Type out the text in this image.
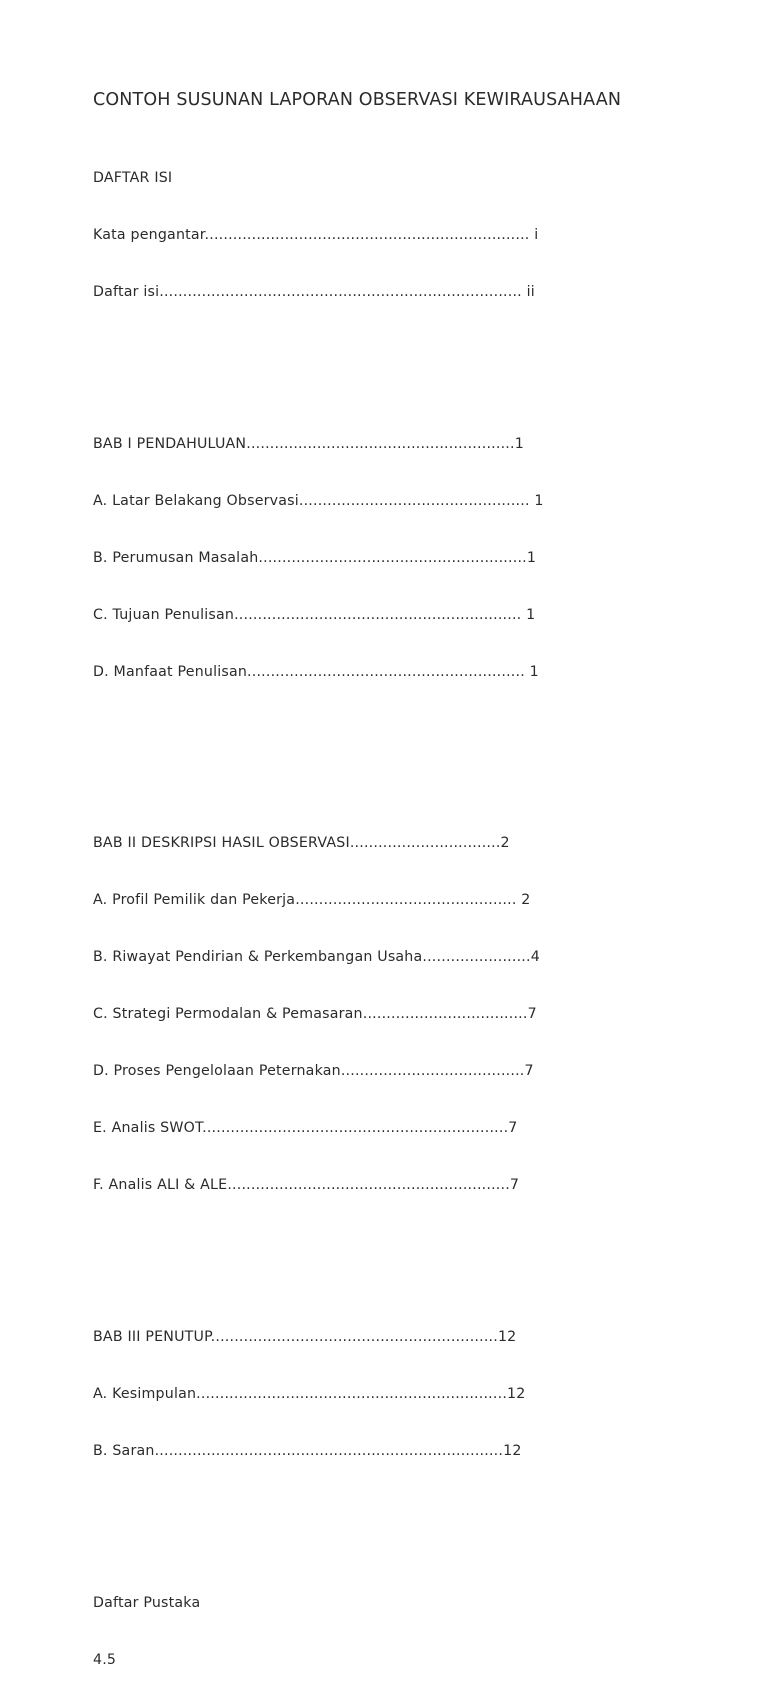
CONTOH SUSUNAN LAPORAN OBSERVASI KEWIRAUSAHAAN

DAFTAR ISI

Kata pengantar..................................................................... i

Daftar isi............................................................................. ii

BAB I PENDAHULUAN.........................................................1

A. Latar Belakang Observasi................................................. 1

B. Perumusan Masalah.........................................................1

C. Tujuan Penulisan............................................................. 1

D. Manfaat Penulisan........................................................... 1

BAB II DESKRIPSI HASIL OBSERVASI................................2

A. Profil Pemilik dan Pekerja............................................... 2

B. Riwayat Pendirian & Perkembangan Usaha.......................4

C. Strategi Permodalan & Pemasaran...................................7

D. Proses Pengelolaan Peternakan.......................................7

E. Analis SWOT.................................................................7

F. Analis ALI & ALE............................................................7

BAB III PENUTUP.............................................................12

A. Kesimpulan..................................................................12

B. Saran..........................................................................12

Daftar Pustaka

4.5
